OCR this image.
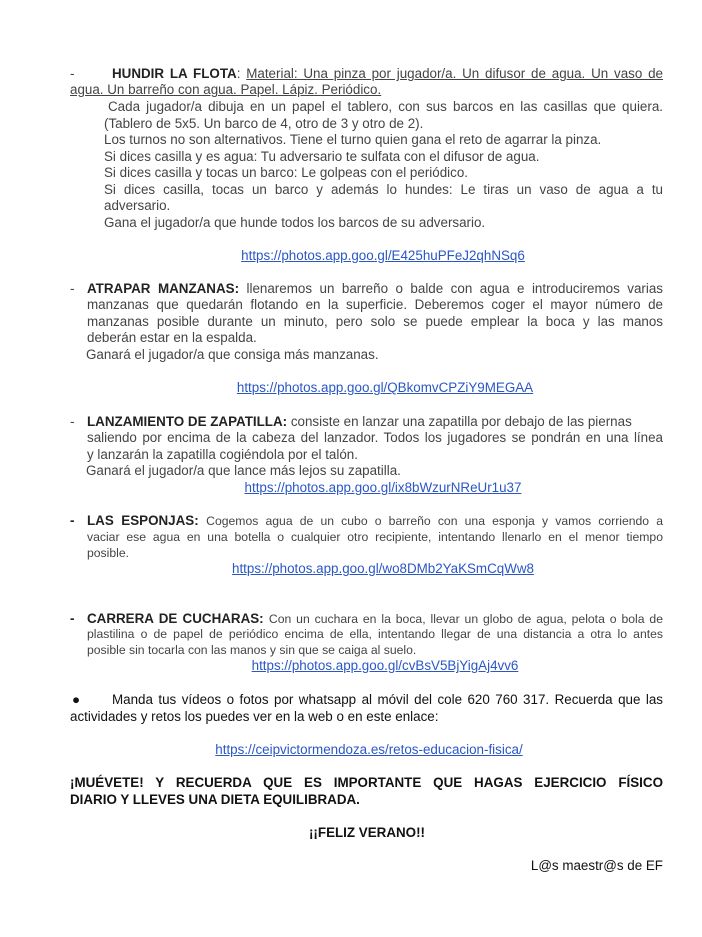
-	HUNDIR LA FLOTA: Material: Una pinza por jugador/a. Un difusor de agua. Un vaso de
agua. Un barreño con agua. Papel. Lápiz. Periódico.
Cada jugador/a dibuja en un papel el tablero, con sus barcos en las casillas que quiera.
(Tablero de 5x5. Un barco de 4, otro de 3 y otro de 2).
Los turnos no son alternativos. Tiene el turno quien gana el reto de agarrar la pinza.
Si dices casilla y es agua: Tu adversario te sulfata con el difusor de agua.
Si dices casilla y tocas un barco: Le golpeas con el periódico.
Si dices casilla, tocas un barco y además lo hundes: Le tiras un vaso de agua a tu
adversario.
Gana el jugador/a que hunde todos los barcos de su adversario.
https://photos.app.goo.gl/E425huPFeJ2qhNSq6
- ATRAPAR MANZANAS: llenaremos un barreño o balde con agua e introduciremos varias
manzanas que quedarán flotando en la superficie. Deberemos coger el mayor número de
manzanas posible durante un minuto, pero solo se puede emplear la boca y las manos
deberán estar en la espalda.
Ganará el jugador/a que consiga más manzanas.
https://photos.app.goo.gl/QBkomvCPZiY9MEGAA
- LANZAMIENTO DE ZAPATILLA: consiste en lanzar una zapatilla por debajo de las piernas
saliendo por encima de la cabeza del lanzador. Todos los jugadores se pondrán en una línea
y lanzarán la zapatilla cogiéndola por el talón.
Ganará el jugador/a que lance más lejos su zapatilla.
https://photos.app.goo.gl/ix8bWzurNReUr1u37
- LAS ESPONJAS: Cogemos agua de un cubo o barreño con una esponja y vamos corriendo a
vaciar ese agua en una botella o cualquier otro recipiente, intentando llenarlo en el menor tiempo
posible.
https://photos.app.goo.gl/wo8DMb2YaKSmCqWw8
- CARRERA DE CUCHARAS: Con un cuchara en la boca, llevar un globo de agua, pelota o bola de
plastilina o de papel de periódico encima de ella, intentando llegar de una distancia a otra lo antes
posible sin tocarla con las manos y sin que se caiga al suelo.
https://photos.app.goo.gl/cvBsV5BjYigAj4vv6
● Manda tus vídeos o fotos por whatsapp al móvil del cole 620 760 317. Recuerda que las
actividades y retos los puedes ver en la web o en este enlace:
https://ceipvictormendoza.es/retos-educacion-fisica/
¡MUÉVETE! Y RECUERDA QUE ES IMPORTANTE QUE HAGAS EJERCICIO FÍSICO
DIARIO Y LLEVES UNA DIETA EQUILIBRADA.
¡¡FELIZ VERANO!!
L@s maestr@s de EF
